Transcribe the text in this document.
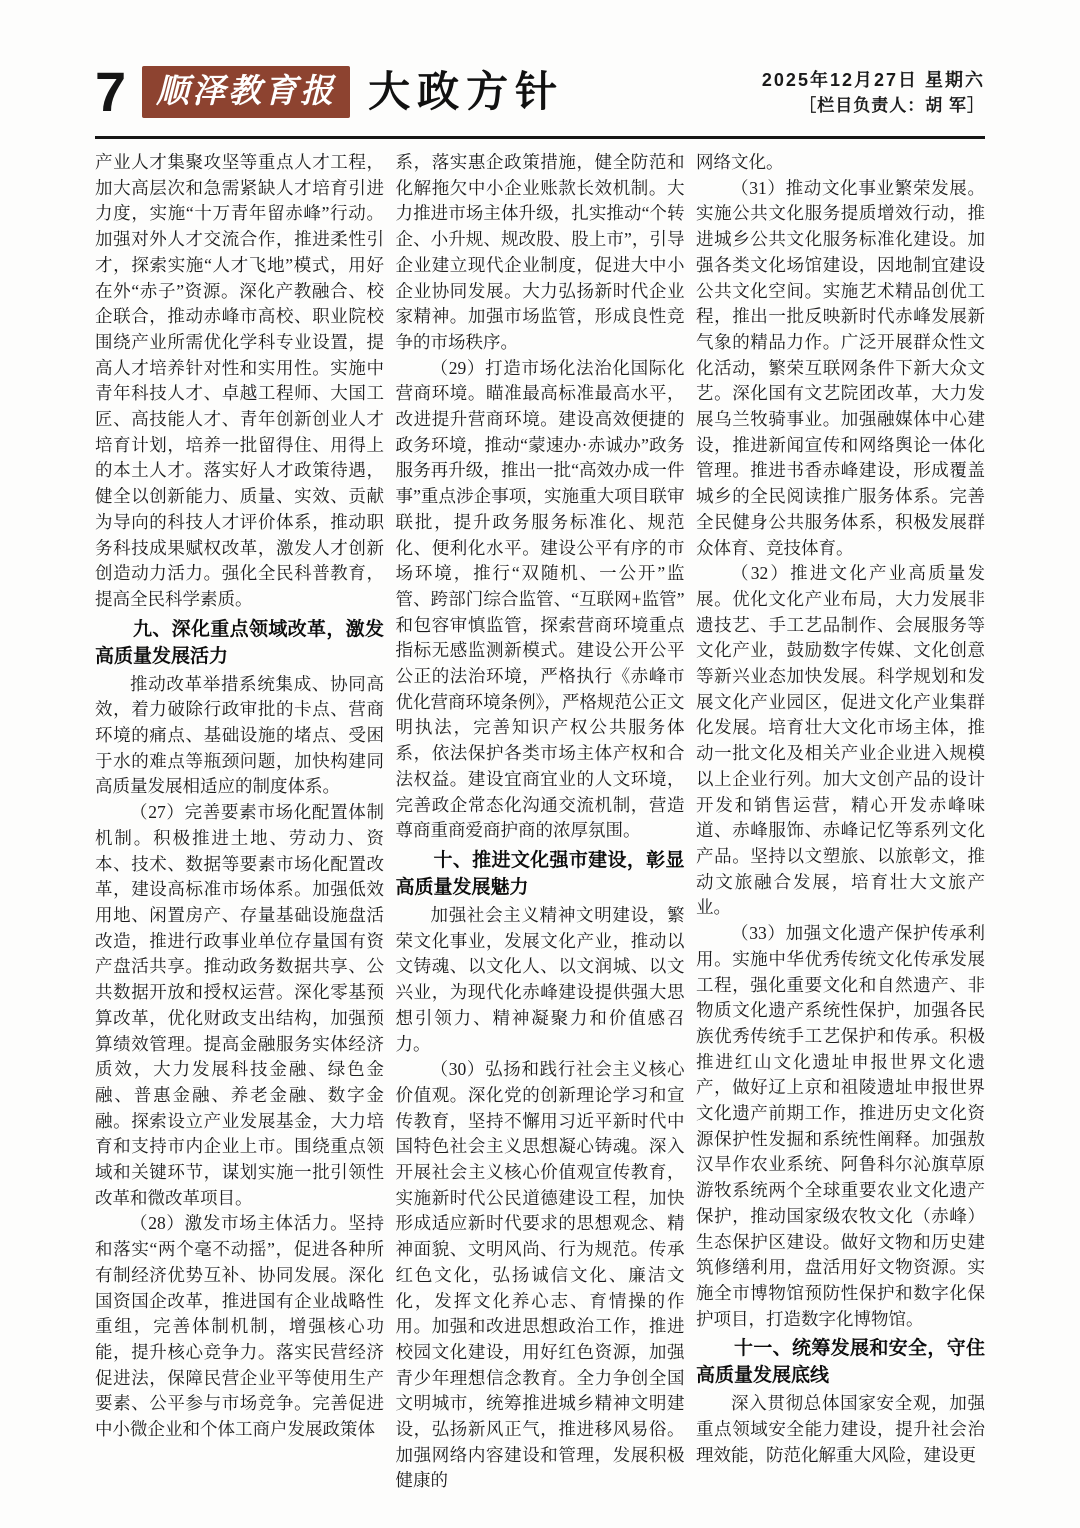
7 顺泽教育报 大政方针	2025年12月27日 星期六
［栏目负责人：胡 军］

产业人才集聚攻坚等重点人才工程，加大高层次和急需紧缺人才培育引进力度，实施“十万青年留赤峰”行动。加强对外人才交流合作，推进柔性引才，探索实施“人才飞地”模式，用好在外“赤子”资源。深化产教融合、校企联合，推动赤峰市高校、职业院校围绕产业所需优化学科专业设置，提高人才培养针对性和实用性。实施中青年科技人才、卓越工程师、大国工匠、高技能人才、青年创新创业人才培育计划，培养一批留得住、用得上的本土人才。落实好人才政策待遇，健全以创新能力、质量、实效、贡献为导向的科技人才评价体系，推动职务科技成果赋权改革，激发人才创新创造动力活力。强化全民科普教育，提高全民科学素质。

九、深化重点领域改革，激发高质量发展活力

推动改革举措系统集成、协同高效，着力破除行政审批的卡点、营商环境的痛点、基础设施的堵点、受困于水的难点等瓶颈问题，加快构建同高质量发展相适应的制度体系。

（27）完善要素市场化配置体制机制。积极推进土地、劳动力、资本、技术、数据等要素市场化配置改革，建设高标准市场体系。加强低效用地、闲置房产、存量基础设施盘活改造，推进行政事业单位存量国有资产盘活共享。推动政务数据共享、公共数据开放和授权运营。深化零基预算改革，优化财政支出结构，加强预算绩效管理。提高金融服务实体经济质效，大力发展科技金融、绿色金融、普惠金融、养老金融、数字金融。探索设立产业发展基金，大力培育和支持市内企业上市。围绕重点领域和关键环节，谋划实施一批引领性改革和微改革项目。

（28）激发市场主体活力。坚持和落实“两个毫不动摇”，促进各种所有制经济优势互补、协同发展。深化国资国企改革，推进国有企业战略性重组，完善体制机制，增强核心功能，提升核心竞争力。落实民营经济促进法，保障民营企业平等使用生产要素、公平参与市场竞争。完善促进中小微企业和个体工商户发展政策体

系，落实惠企政策措施，健全防范和化解拖欠中小企业账款长效机制。大力推进市场主体升级，扎实推动“个转企、小升规、规改股、股上市”，引导企业建立现代企业制度，促进大中小企业协同发展。大力弘扬新时代企业家精神。加强市场监管，形成良性竞争的市场秩序。

（29）打造市场化法治化国际化营商环境。瞄准最高标准最高水平，改进提升营商环境。建设高效便捷的政务环境，推动“蒙速办·赤诚办”政务服务再升级，推出一批“高效办成一件事”重点涉企事项，实施重大项目联审联批，提升政务服务标准化、规范化、便利化水平。建设公平有序的市场环境，推行“双随机、一公开”监管、跨部门综合监管、“互联网+监管”和包容审慎监管，探索营商环境重点指标无感监测新模式。建设公开公平公正的法治环境，严格执行《赤峰市优化营商环境条例》，严格规范公正文明执法，完善知识产权公共服务体系，依法保护各类市场主体产权和合法权益。建设宜商宜业的人文环境，完善政企常态化沟通交流机制，营造尊商重商爱商护商的浓厚氛围。

十、推进文化强市建设，彰显高质量发展魅力

加强社会主义精神文明建设，繁荣文化事业，发展文化产业，推动以文铸魂、以文化人、以文润城、以文兴业，为现代化赤峰建设提供强大思想引领力、精神凝聚力和价值感召力。

（30）弘扬和践行社会主义核心价值观。深化党的创新理论学习和宣传教育，坚持不懈用习近平新时代中国特色社会主义思想凝心铸魂。深入开展社会主义核心价值观宣传教育，实施新时代公民道德建设工程，加快形成适应新时代要求的思想观念、精神面貌、文明风尚、行为规范。传承红色文化，弘扬诚信文化、廉洁文化，发挥文化养心志、育情操的作用。加强和改进思想政治工作，推进校园文化建设，用好红色资源，加强青少年理想信念教育。全力争创全国文明城市，统筹推进城乡精神文明建设，弘扬新风正气，推进移风易俗。加强网络内容建设和管理，发展积极健康的

网络文化。

（31）推动文化事业繁荣发展。实施公共文化服务提质增效行动，推进城乡公共文化服务标准化建设。加强各类文化场馆建设，因地制宜建设公共文化空间。实施艺术精品创优工程，推出一批反映新时代赤峰发展新气象的精品力作。广泛开展群众性文化活动，繁荣互联网条件下新大众文艺。深化国有文艺院团改革，大力发展乌兰牧骑事业。加强融媒体中心建设，推进新闻宣传和网络舆论一体化管理。推进书香赤峰建设，形成覆盖城乡的全民阅读推广服务体系。完善全民健身公共服务体系，积极发展群众体育、竞技体育。

（32）推进文化产业高质量发展。优化文化产业布局，大力发展非遗技艺、手工艺品制作、会展服务等文化产业，鼓励数字传媒、文化创意等新兴业态加快发展。科学规划和发展文化产业园区，促进文化产业集群化发展。培育壮大文化市场主体，推动一批文化及相关产业企业进入规模以上企业行列。加大文创产品的设计开发和销售运营，精心开发赤峰味道、赤峰服饰、赤峰记忆等系列文化产品。坚持以文塑旅、以旅彰文，推动文旅融合发展，培育壮大文旅产业。

（33）加强文化遗产保护传承利用。实施中华优秀传统文化传承发展工程，强化重要文化和自然遗产、非物质文化遗产系统性保护，加强各民族优秀传统手工艺保护和传承。积极推进红山文化遗址申报世界文化遗产，做好辽上京和祖陵遗址申报世界文化遗产前期工作，推进历史文化资源保护性发掘和系统性阐释。加强敖汉旱作农业系统、阿鲁科尔沁旗草原游牧系统两个全球重要农业文化遗产保护，推动国家级农牧文化（赤峰）生态保护区建设。做好文物和历史建筑修缮利用，盘活用好文物资源。实施全市博物馆预防性保护和数字化保护项目，打造数字化博物馆。

十一、统筹发展和安全，守住高质量发展底线

深入贯彻总体国家安全观，加强重点领域安全能力建设，提升社会治理效能，防范化解重大风险，建设更
